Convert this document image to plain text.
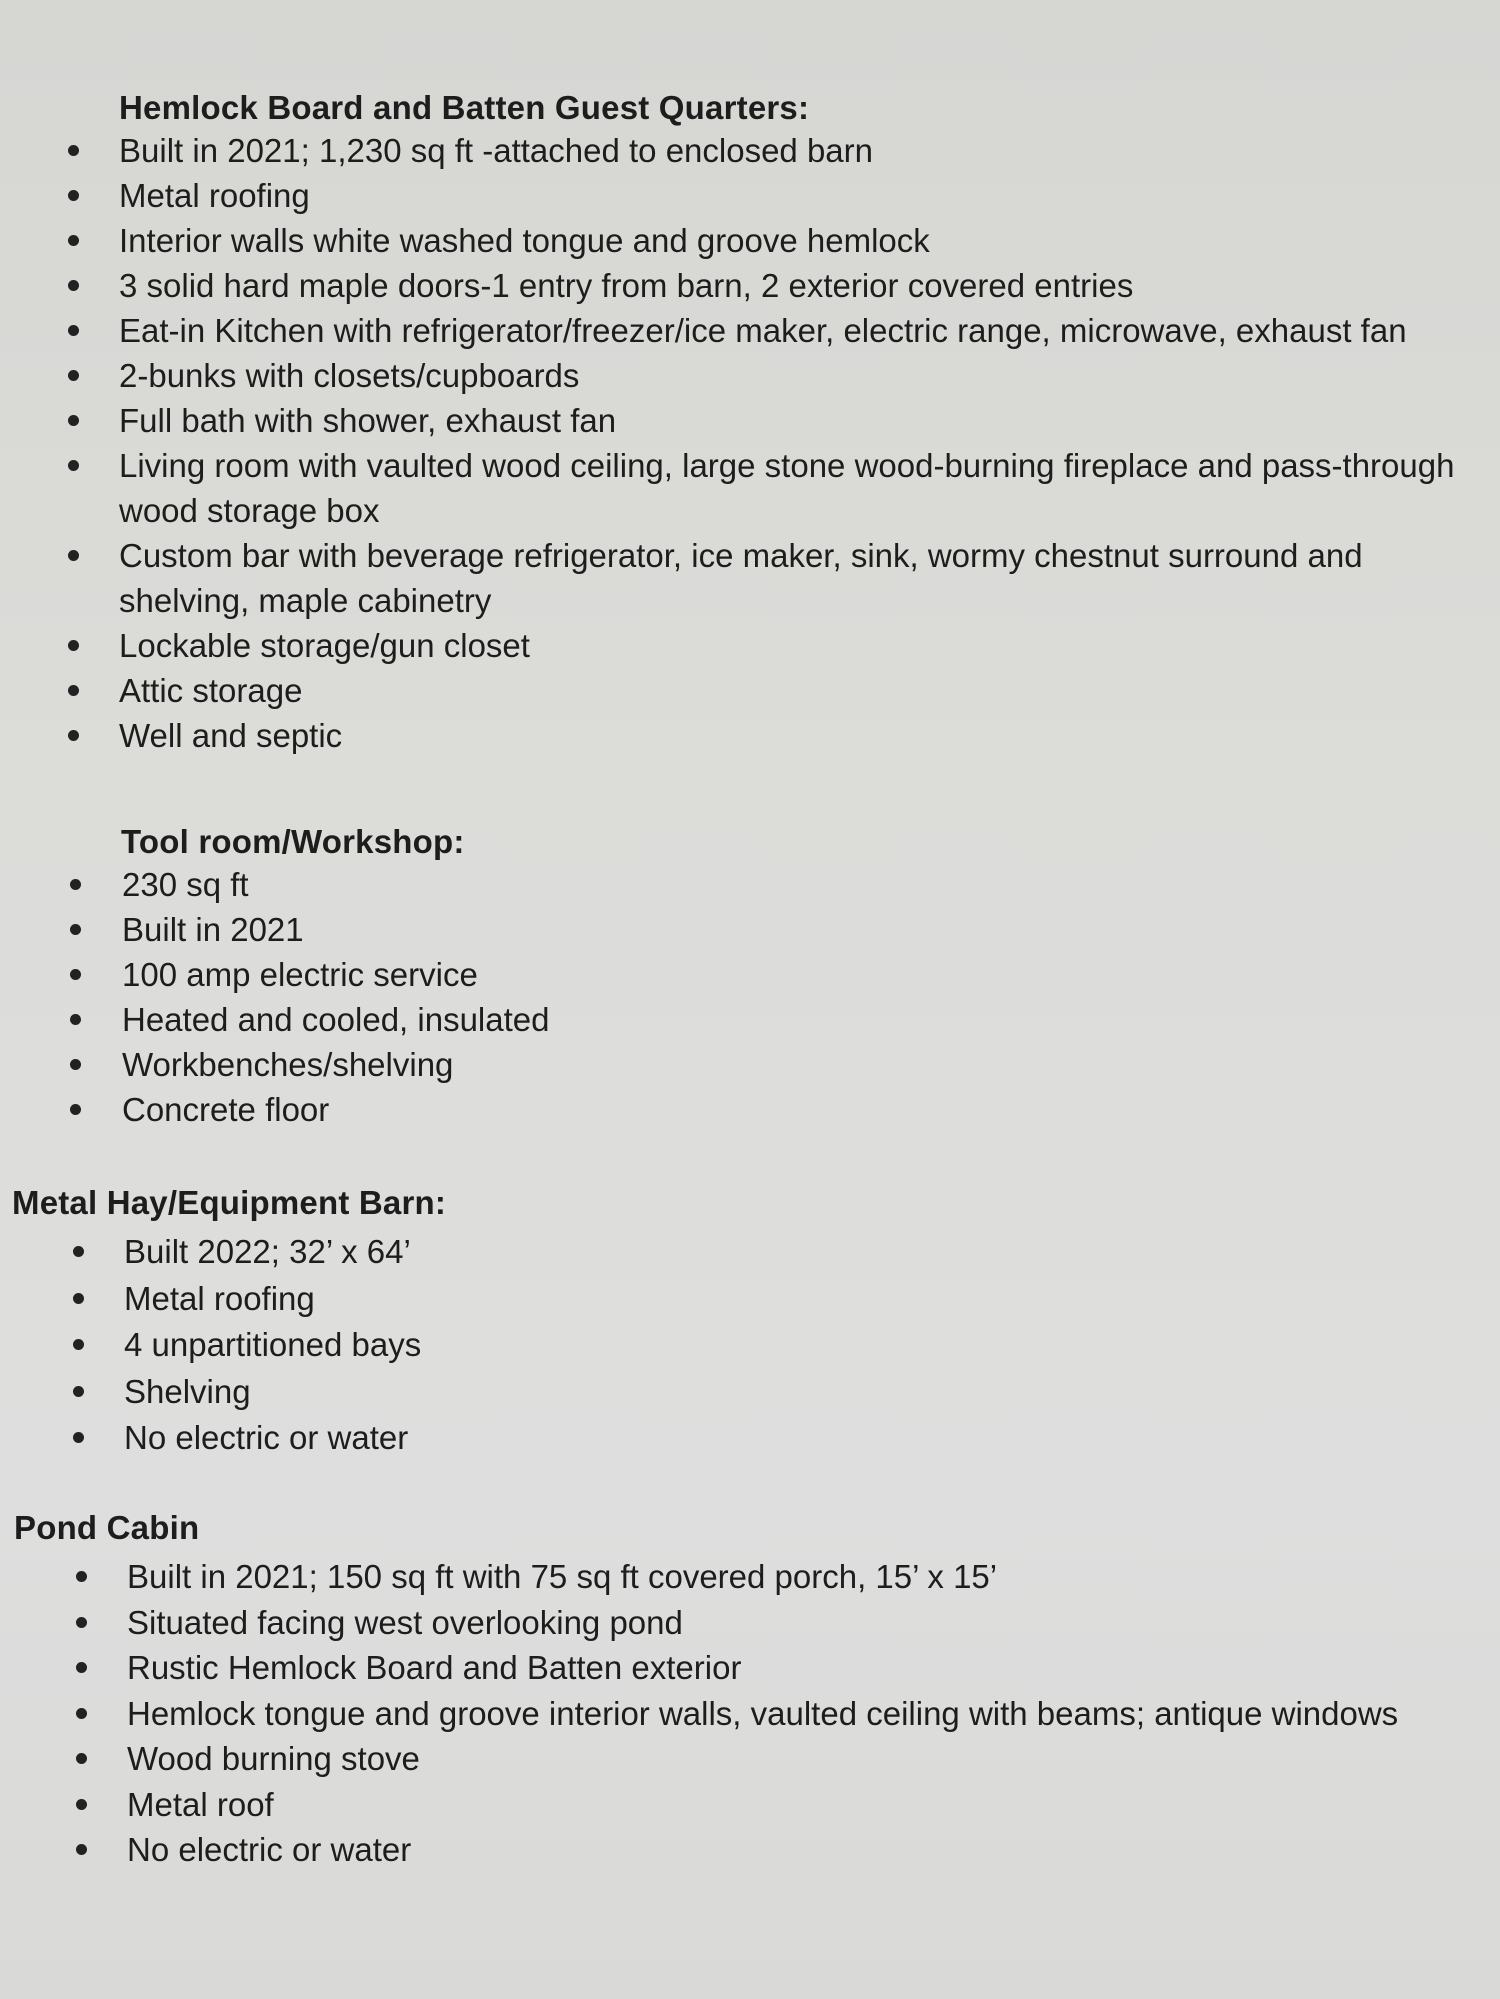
Hemlock Board and Batten Guest Quarters:
Built in 2021; 1,230 sq ft -attached to enclosed barn
Metal roofing
Interior walls white washed tongue and groove hemlock
3 solid hard maple doors-1 entry from barn, 2 exterior covered entries
Eat-in Kitchen with refrigerator/freezer/ice maker, electric range, microwave, exhaust fan
2-bunks with closets/cupboards
Full bath with shower, exhaust fan
Living room with vaulted wood ceiling, large stone wood-burning fireplace and pass-through wood storage box
Custom bar with beverage refrigerator, ice maker, sink, wormy chestnut surround and shelving, maple cabinetry
Lockable storage/gun closet
Attic storage
Well and septic
Tool room/Workshop:
230 sq ft
Built in 2021
100 amp electric service
Heated and cooled, insulated
Workbenches/shelving
Concrete floor
Metal Hay/Equipment Barn:
Built 2022; 32’ x 64’
Metal roofing
4 unpartitioned bays
Shelving
No electric or water
Pond Cabin
Built in 2021; 150 sq ft with 75 sq ft covered porch, 15’ x 15’
Situated facing west overlooking pond
Rustic Hemlock Board and Batten exterior
Hemlock tongue and groove interior walls, vaulted ceiling with beams; antique windows
Wood burning stove
Metal roof
No electric or water
